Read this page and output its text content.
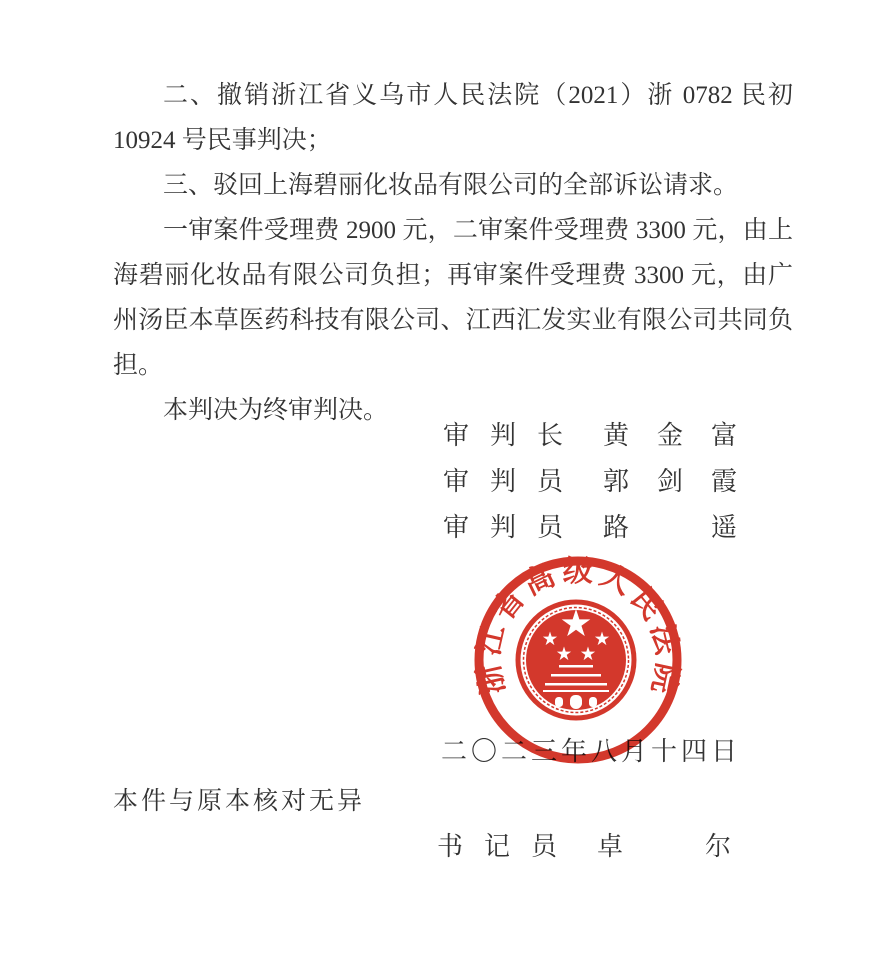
二、撤销浙江省义乌市人民法院（2021）浙 0782 民初 10924 号民事判决；

三、驳回上海碧丽化妆品有限公司的全部诉讼请求。

一审案件受理费 2900 元，二审案件受理费 3300 元，由上海碧丽化妆品有限公司负担；再审案件受理费 3300 元，由广州汤臣本草医药科技有限公司、江西汇发实业有限公司共同负担。

本判决为终审判决。

审判长 黄金富
审判员 郭剑霞
审判员 路　遥
二〇二三年八月十四日
浙江省高级人民法院
本件与原本核对无异
书记员 卓　尔
